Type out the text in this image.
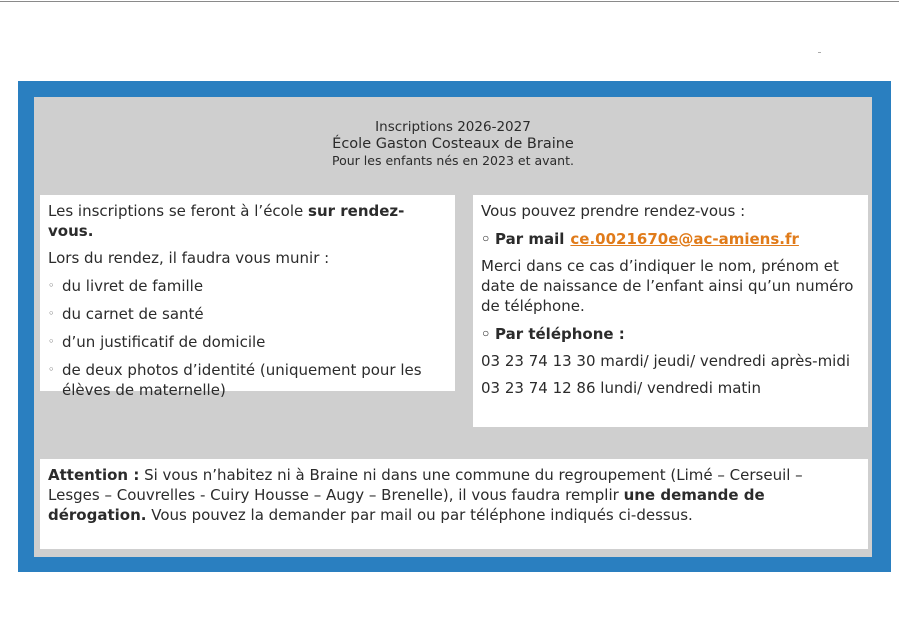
Inscriptions 2026-2027
École Gaston Costeaux de Braine
Pour les enfants nés en 2023 et avant.

Les inscriptions se feront à l’école sur rendez-vous.

Lors du rendez, il faudra vous munir :

◦ du livret de famille
◦ du carnet de santé
◦ d’un justificatif de domicile
◦ de deux photos d’identité (uniquement pour les élèves de maternelle)

Vous pouvez prendre rendez-vous :

◦ Par mail ce.0021670e@ac-amiens.fr

Merci dans ce cas d’indiquer le nom, prénom et date de naissance de l’enfant ainsi qu’un numéro de téléphone.

◦ Par téléphone :

03 23 74 13 30 mardi/ jeudi/ vendredi après-midi

03 23 74 12 86 lundi/ vendredi matin

Attention : Si vous n’habitez ni à Braine ni dans une commune du regroupement (Limé – Cerseuil – Lesges – Couvrelles - Cuiry Housse – Augy – Brenelle), il vous faudra remplir une demande de dérogation. Vous pouvez la demander par mail ou par téléphone indiqués ci-dessus.
